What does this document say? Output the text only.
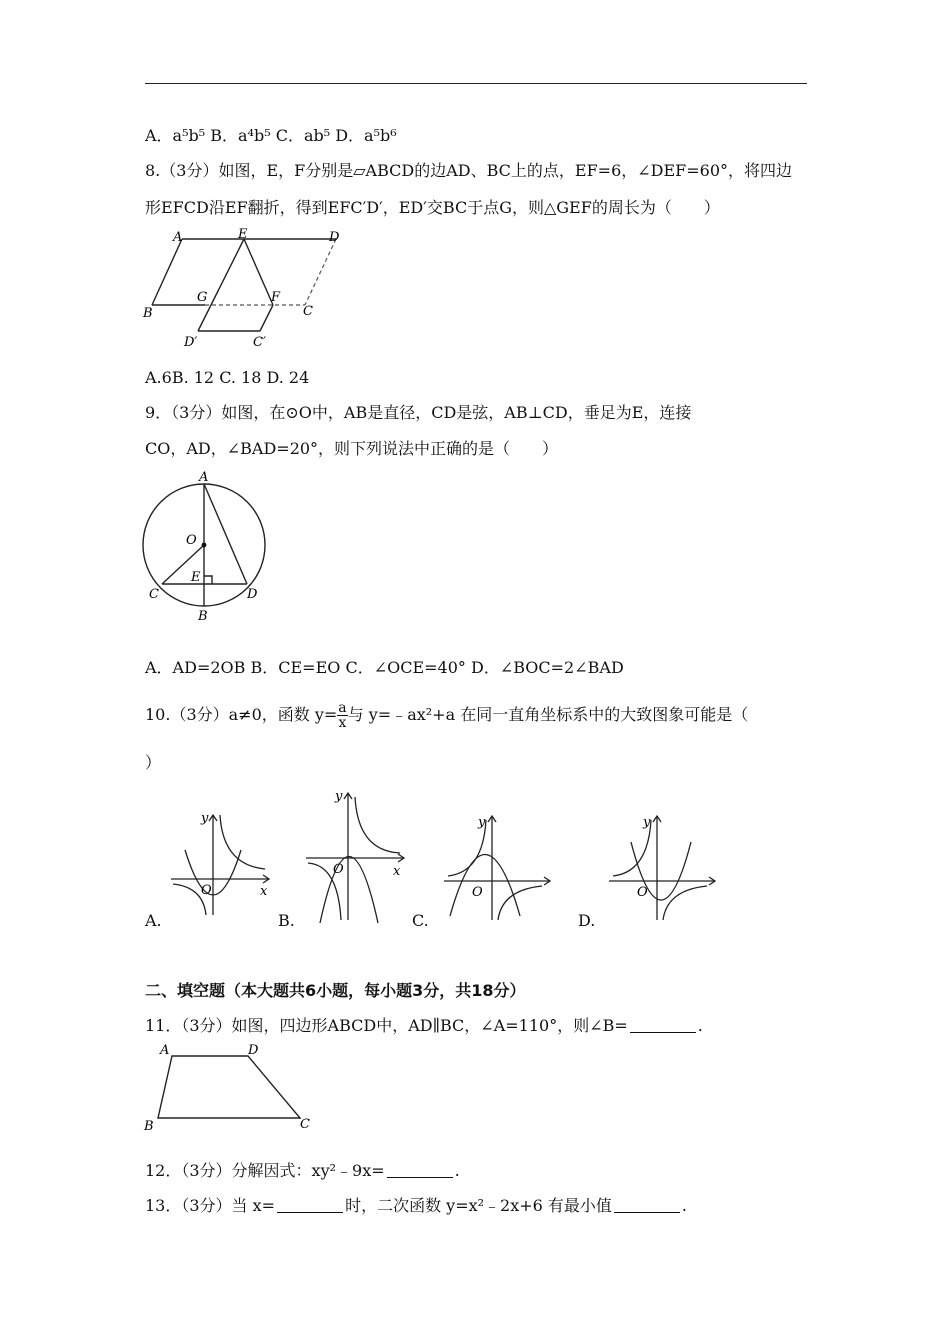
A．a⁵b⁵ B．a⁴b⁵ C．ab⁵ D．a⁵b⁶
8.（3分）如图，E，F分别是▱ABCD的边AD、BC上的点，EF=6，∠DEF=60°，将四边
形EFCD沿EF翻折，得到EFC′D′，ED′交BC于点G，则△GEF的周长为（　　）
A	E	D
B
G	F
C
D′	C′
A.6B. 12 C. 18 D. 24
9．（3分）如图，在⊙O中，AB是直径，CD是弦，AB⊥CD，垂足为E，连接
CO，AD，∠BAD=20°，则下列说法中正确的是（　　）
A
O
E
C	D
B
A．AD=2OB B．CE=EO C．∠OCE=40° D．∠BOC=2∠BAD
10.（3分）a≠0，函数 $y= \frac{a}{x}$ 与 y=﹣ax²+a 在同一直角坐标系中的大致图象可能是（
）
y
x
O
A.
y
x
O
B.
y
O
C.
y
O
D.
二、填空题（本大题共6小题，每小题3分，共18分）
11．（3分）如图，四边形ABCD中，AD∥BC，∠A=110°，则∠B=	.
A	D
B	C
12．（3分）分解因式：xy²﹣9x=	.
13．（3分）当 x=	时，二次函数 y=x²﹣2x+6 有最小值	.
